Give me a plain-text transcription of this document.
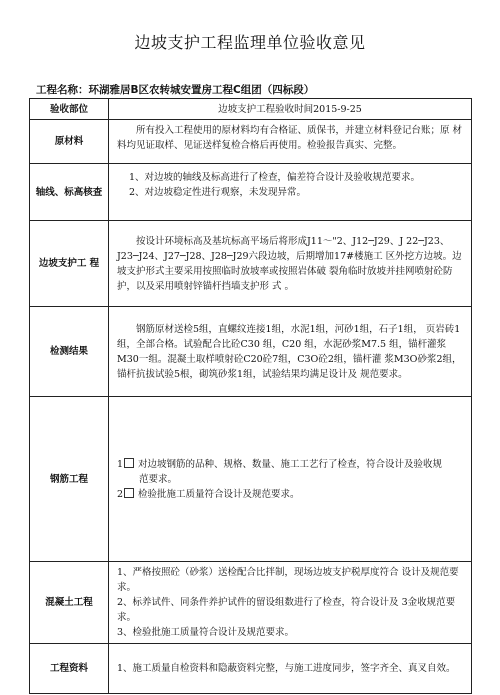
边坡支护工程监理单位验收意见
工程名称：环湖雅居B区农转城安置房工程C组团（四标段）
验收部位	边坡支护工程验收时间2015-9-25
原材料	所有投入工程使用的原材料均有合格证、质保书，并建立材料登记台账；原 材料均见证取样、见证送样复检合格后再使用。检验报告真实、完整。

轴线、标高核查	1、对边坡的轴线及标高进行了检查，偏差符合设计及验收规范要求。
2、对边坡稳定性进行观察，未发现异常。

边坡支护工 程	按设计环境标高及基坑标高平场后将形成J11～"2、J12─J29、J 22─J23、J23─J24、J27─J28、J28─J29六段边坡，后期增加17#楼施工 区外挖方边坡。边坡支护形式主要采用按照临时放坡率或按照岩体破 裂角临时放坡并挂网喷射砼防护，以及采用喷射锌锚杆挡墙支护形 式 。

检测结果	钢筋原材送检5组，直螺纹连接1组，水泥1组，河砂1组，石子1组， 页岩砖1组，全部合格。试验配合比砼C30 组，C20 组，水泥砂浆M7.5 组，锚杆灌浆M30一组。混凝土取样喷射砼C20砼7组，C3O砼2组，锚杆灌 浆M3O砂浆2组，锚杆抗拔试验5根，砌筑砂浆1组，试验结果均满足设计及 规范要求。

钢筋工程	1 对边坡钢筋的品种、规格、数量、施工工艺行了检查，符合设计及验收规
范要求。
2 检验批施工质量符合设计及规范要求。

混凝土工程	1、严格按照砼（砂浆）送检配合比拌制，现场边坡支护税厚度符合 设计及规范要求。
2、标养试件、同条件养护试件的留设组数进行了检查，符合设计及 3金收规范要求。
3、检验批施工质量符合设计及规范要求。

工程资料	1、施工质量自检资料和隐蔽资料完整，与施工进度同步，签字齐全、真叉自效。
